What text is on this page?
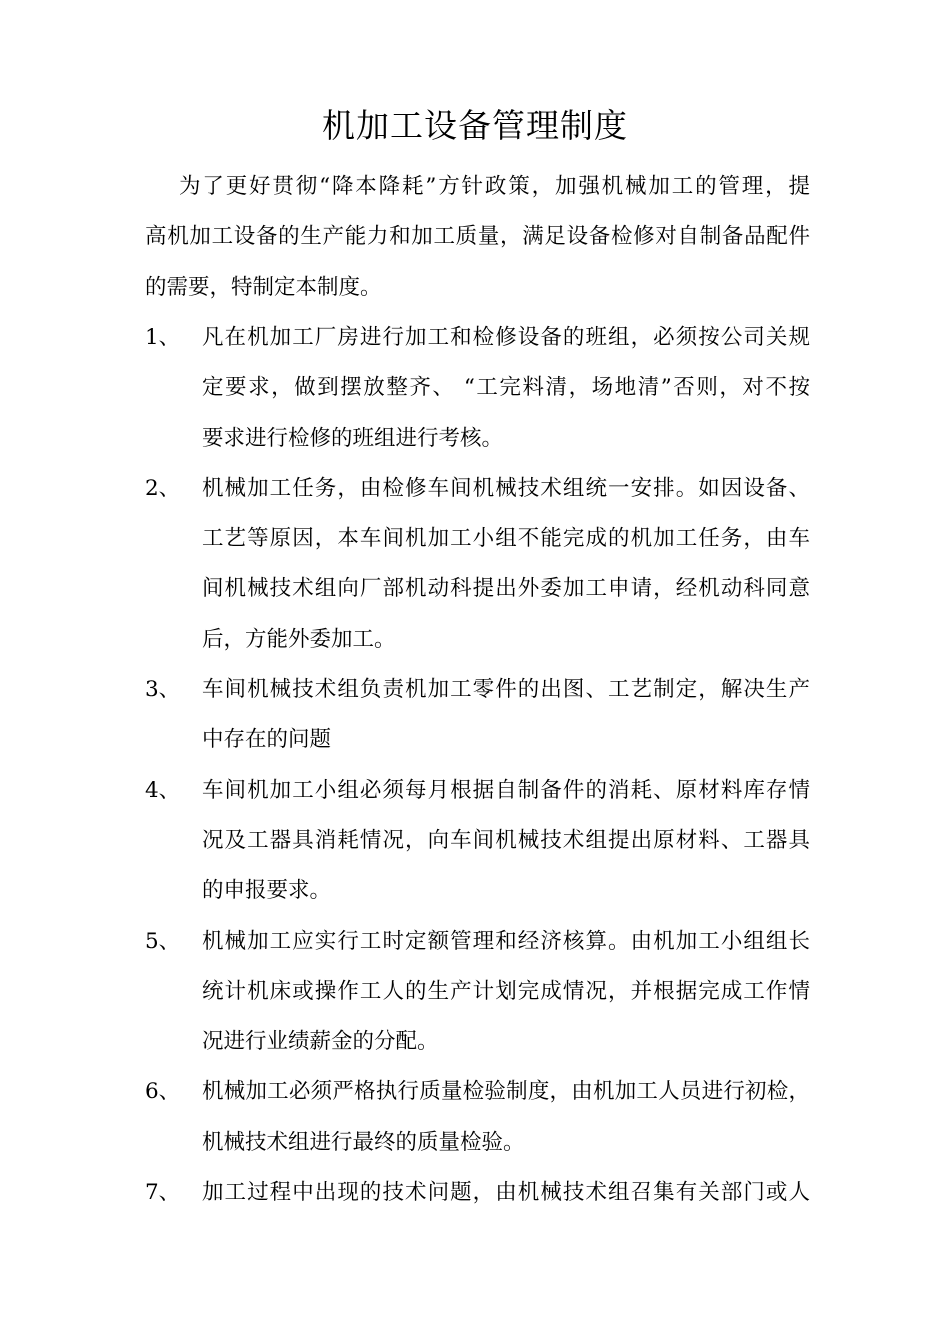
机加工设备管理制度
为了更好贯彻“降本降耗”方针政策，加强机械加工的管理，提
高机加工设备的生产能力和加工质量，满足设备检修对自制备品配件
的需要，特制定本制度。
1、	凡在机加工厂房进行加工和检修设备的班组，必须按公司关规
定要求，做到摆放整齐、 “工完料清，场地清”否则，对不按
要求进行检修的班组进行考核。
2、	机械加工任务，由检修车间机械技术组统一安排。如因设备、
工艺等原因，本车间机加工小组不能完成的机加工任务，由车
间机械技术组向厂部机动科提出外委加工申请，经机动科同意
后，方能外委加工。
3、	车间机械技术组负责机加工零件的出图、工艺制定，解决生产
中存在的问题
4、	车间机加工小组必须每月根据自制备件的消耗、原材料库存情
况及工器具消耗情况，向车间机械技术组提出原材料、工器具
的申报要求。
5、	机械加工应实行工时定额管理和经济核算。由机加工小组组长
统计机床或操作工人的生产计划完成情况，并根据完成工作情
况进行业绩薪金的分配。
6、	机械加工必须严格执行质量检验制度，由机加工人员进行初检，
机械技术组进行最终的质量检验。
7、	加工过程中出现的技术问题，由机械技术组召集有关部门或人
